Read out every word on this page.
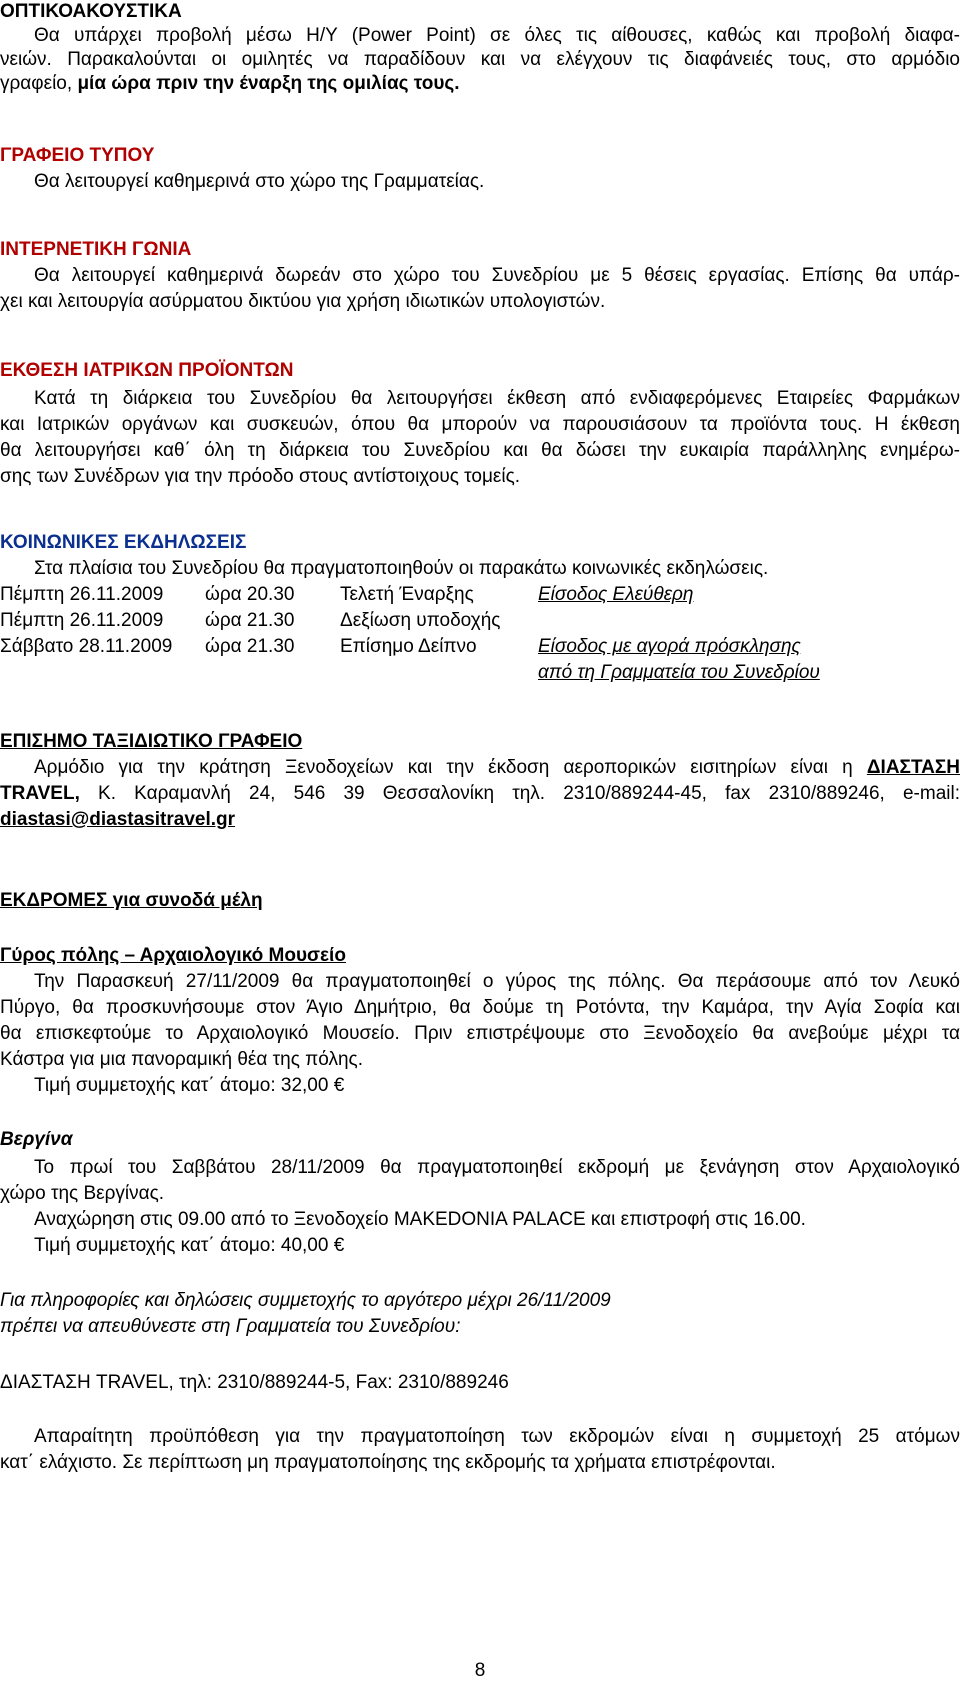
ΟΠΤΙΚΟΑΚΟΥΣΤΙΚΑ
Θα υπάρχει προβολή μέσω Η/Υ (Power Point) σε όλες τις αίθουσες, καθώς και προβολή διαφα-
νειών. Παρακαλούνται οι ομιλητές να παραδίδουν και να ελέγχουν τις διαφάνειές τους, στο αρμόδιο
γραφείο, μία ώρα πριν την έναρξη της ομιλίας τους.
ΓΡΑΦΕΙΟ ΤΥΠΟΥ
Θα λειτουργεί καθημερινά στο χώρο της Γραμματείας.
ΙΝΤΕΡΝΕΤΙΚΗ ΓΩΝΙΑ
Θα λειτουργεί καθημερινά δωρεάν στο χώρο του Συνεδρίου με 5 θέσεις εργασίας. Επίσης θα υπάρ-
χει και λειτουργία ασύρματου δικτύου για χρήση ιδιωτικών υπολογιστών.
ΕΚΘΕΣΗ ΙΑΤΡΙΚΩΝ ΠΡΟΪΟΝΤΩΝ
Κατά τη διάρκεια του Συνεδρίου θα λειτουργήσει έκθεση από ενδιαφερόμενες Εταιρείες Φαρμάκων
και Ιατρικών οργάνων και συσκευών, όπου θα μπορούν να παρουσιάσουν τα προϊόντα τους. Η έκθεση
θα λειτουργήσει καθ΄ όλη τη διάρκεια του Συνεδρίου και θα δώσει την ευκαιρία παράλληλης ενημέρω-
σης των Συνέδρων για την πρόοδο στους αντίστοιχους τομείς.
ΚΟΙΝΩΝΙΚΕΣ ΕΚΔΗΛΩΣΕΙΣ
Στα πλαίσια του Συνεδρίου θα πραγματοποιηθούν οι παρακάτω κοινωνικές εκδηλώσεις.
Πέμπτη 26.11.2009 ώρα 20.30 Τελετή Έναρξης	Είσοδος Ελεύθερη
Πέμπτη 26.11.2009 ώρα 21.30 Δεξίωση υποδοχής
Σάββατο 28.11.2009 ώρα 21.30 Επίσημο Δείπνο	Είσοδος με αγορά πρόσκλησης
από τη Γραμματεία του Συνεδρίου
ΕΠΙΣΗΜΟ ΤΑΞΙΔΙΩΤΙΚΟ ΓΡΑΦΕΙΟ
Αρμόδιο για την κράτηση Ξενοδοχείων και την έκδοση αεροπορικών εισιτηρίων είναι η ΔΙΑΣΤΑΣΗ
TRAVEL, Κ. Καραμανλή 24, 546 39 Θεσσαλονίκη τηλ. 2310/889244-45, fax 2310/889246, e-mail:
diastasi@diastasitravel.gr
ΕΚΔΡΟΜΕΣ για συνοδά μέλη
Γύρος πόλης – Αρχαιολογικό Μουσείο
Την Παρασκευή 27/11/2009 θα πραγματοποιηθεί ο γύρος της πόλης. Θα περάσουμε από τον Λευκό
Πύργο, θα προσκυνήσουμε στον Άγιο Δημήτριο, θα δούμε τη Ροτόντα, την Καμάρα, την Αγία Σοφία και
θα επισκεφτούμε το Αρχαιολογικό Μουσείο. Πριν επιστρέψουμε στο Ξενοδοχείο θα ανεβούμε μέχρι τα
Κάστρα για μια πανοραμική θέα της πόλης.
Τιμή συμμετοχής κατ΄ άτομο: 32,00 €
Βεργίνα
Το πρωί του Σαββάτου 28/11/2009 θα πραγματοποιηθεί εκδρομή με ξενάγηση στον Αρχαιολογικό
χώρο της Βεργίνας.
Αναχώρηση στις 09.00 από το Ξενοδοχείο MAKEDONIA PALACE και επιστροφή στις 16.00.
Τιμή συμμετοχής κατ΄ άτομο: 40,00 €
Για πληροφορίες και δηλώσεις συμμετοχής το αργότερο μέχρι 26/11/2009
πρέπει να απευθύνεστε στη Γραμματεία του Συνεδρίου:
ΔΙΑΣΤΑΣΗ TRAVEL, τηλ: 2310/889244-5, Fax: 2310/889246
Απαραίτητη προϋπόθεση για την πραγματοποίηση των εκδρομών είναι η συμμετοχή 25 ατόμων
κατ΄ ελάχιστο. Σε περίπτωση μη πραγματοποίησης της εκδρομής τα χρήματα επιστρέφονται.
8
